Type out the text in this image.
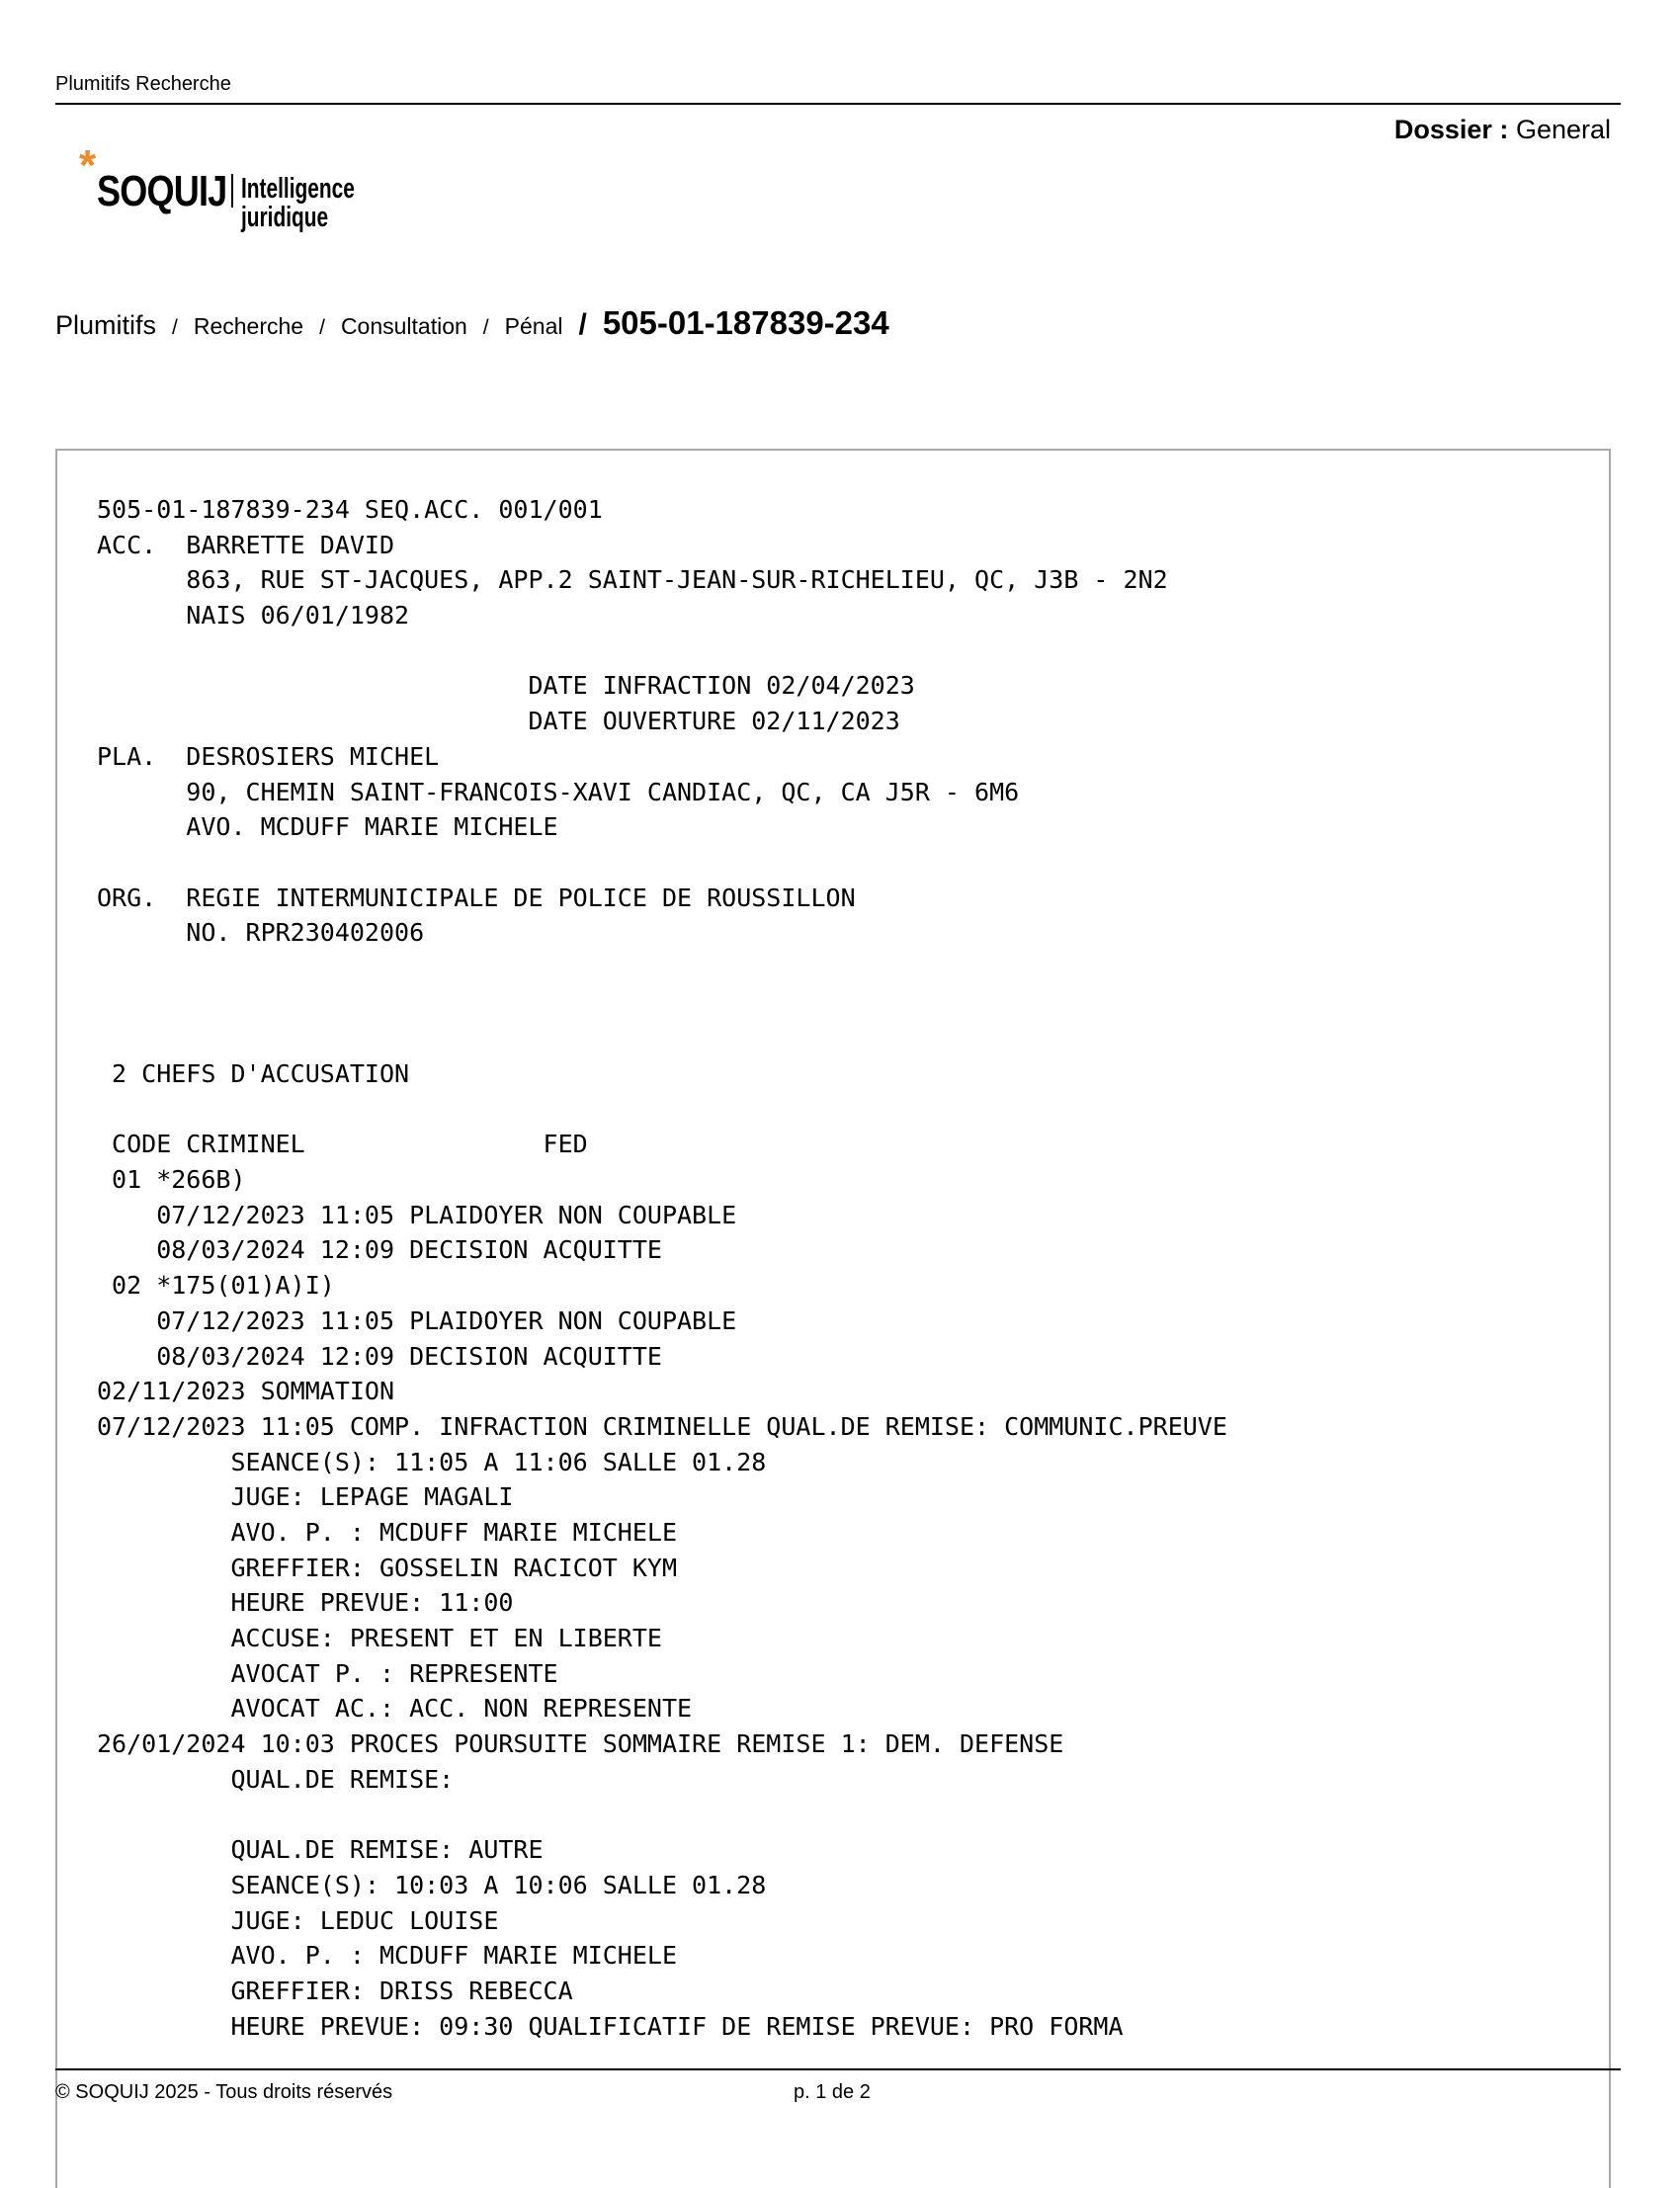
Plumitifs Recherche
Dossier : General
*
SOQUIJ Intelligence juridique
Plumitifs / Recherche / Consultation / Pénal / 505-01-187839-234
505-01-187839-234 SEQ.ACC. 001/001
ACC.  BARRETTE DAVID
863, RUE ST-JACQUES, APP.2 SAINT-JEAN-SUR-RICHELIEU, QC, J3B - 2N2
NAIS 06/01/1982
DATE INFRACTION 02/04/2023
DATE OUVERTURE 02/11/2023
PLA.  DESROSIERS MICHEL
90, CHEMIN SAINT-FRANCOIS-XAVI CANDIAC, QC, CA J5R - 6M6
AVO. MCDUFF MARIE MICHELE
ORG.  REGIE INTERMUNICIPALE DE POLICE DE ROUSSILLON
NO. RPR230402006
2 CHEFS D'ACCUSATION
CODE CRIMINEL                FED
01 *266B)
07/12/2023 11:05 PLAIDOYER NON COUPABLE
08/03/2024 12:09 DECISION ACQUITTE
02 *175(01)A)I)
07/12/2023 11:05 PLAIDOYER NON COUPABLE
08/03/2024 12:09 DECISION ACQUITTE
02/11/2023 SOMMATION
07/12/2023 11:05 COMP. INFRACTION CRIMINELLE QUAL.DE REMISE: COMMUNIC.PREUVE
SEANCE(S): 11:05 A 11:06 SALLE 01.28
JUGE: LEPAGE MAGALI
AVO. P. : MCDUFF MARIE MICHELE
GREFFIER: GOSSELIN RACICOT KYM
HEURE PREVUE: 11:00
ACCUSE: PRESENT ET EN LIBERTE
AVOCAT P. : REPRESENTE
AVOCAT AC.: ACC. NON REPRESENTE
26/01/2024 10:03 PROCES POURSUITE SOMMAIRE REMISE 1: DEM. DEFENSE
QUAL.DE REMISE:
QUAL.DE REMISE: AUTRE
SEANCE(S): 10:03 A 10:06 SALLE 01.28
JUGE: LEDUC LOUISE
AVO. P. : MCDUFF MARIE MICHELE
GREFFIER: DRISS REBECCA
HEURE PREVUE: 09:30 QUALIFICATIF DE REMISE PREVUE: PRO FORMA
© SOQUIJ 2025 - Tous droits réservés	p. 1 de 2
